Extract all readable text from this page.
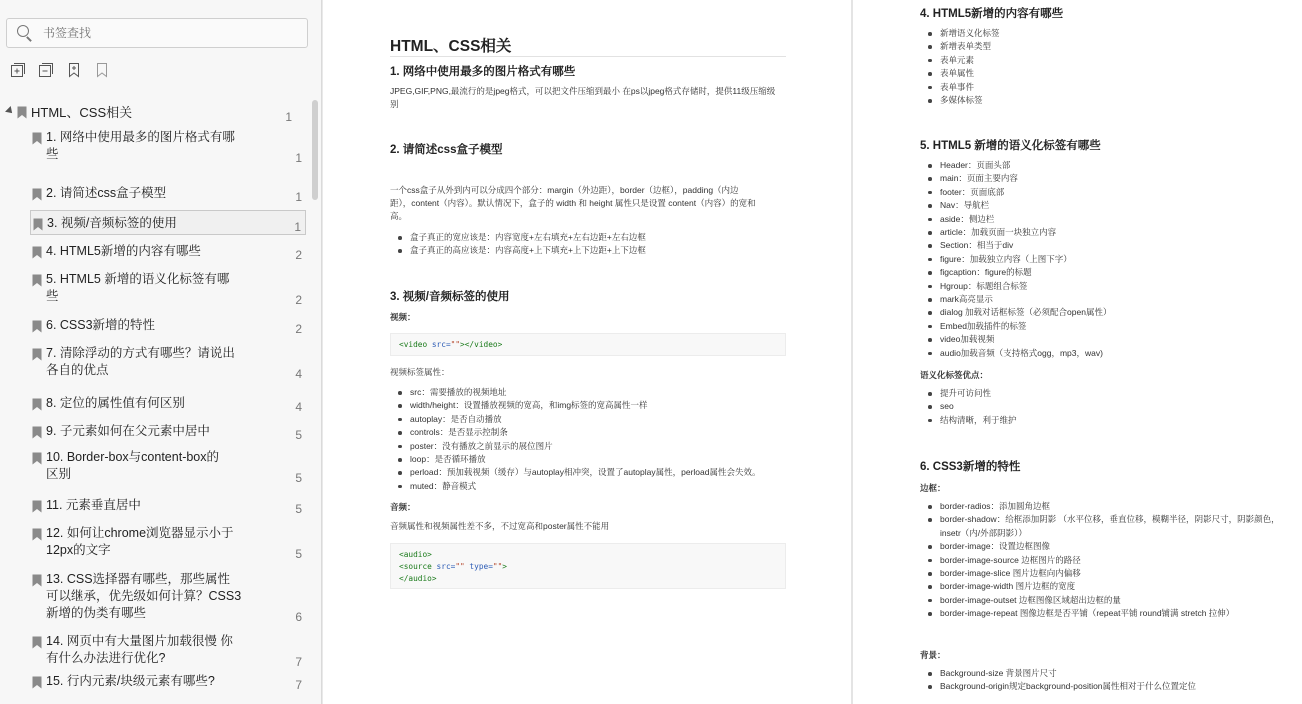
书签查找
HTML、CSS相关	1
1. 网络中使用最多的图片格式有哪
些	1
2. 请简述css盒子模型	1
3. 视频/音频标签的使用	1
4. HTML5新增的内容有哪些	2
5. HTML5 新增的语义化标签有哪
些	2
6. CSS3新增的特性	2
7. 清除浮动的方式有哪些？请说出
各自的优点	4
8. 定位的属性值有何区别	4
9. 子元素如何在父元素中居中	5
10. Border-box与content-box的
区别	5
11. 元素垂直居中	5
12. 如何让chrome浏览器显示小于
12px的文字	5
13. CSS选择器有哪些，那些属性
可以继承，优先级如何计算？CSS3
新增的伪类有哪些	6
14. 网页中有大量图片加载很慢 你
有什么办法进行优化?	7
15. 行内元素/块级元素有哪些?	7
HTML、CSS相关
1. 网络中使用最多的图片格式有哪些
JPEG,GIF,PNG,最流行的是jpeg格式，可以把文件压缩到最小 在ps以jpeg格式存储时，提供11级压缩级
别
2. 请简述css盒子模型
一个css盒子从外到内可以分成四个部分：margin（外边距），border（边框），padding（内边
距），content（内容）。默认情况下，盒子的 width 和 height 属性只是设置 content（内容）的宽和
高。
盒子真正的宽应该是：内容宽度+左右填充+左右边距+左右边框
盒子真正的高应该是：内容高度+上下填充+上下边距+上下边框
3. 视频/音频标签的使用
视频：
<video src=""></video>
视频标签属性：
src：需要播放的视频地址
width/height：设置播放视频的宽高，和img标签的宽高属性一样
autoplay：是否自动播放
controls：是否显示控制条
poster：没有播放之前显示的展位图片
loop：是否循环播放
perload：预加载视频（缓存）与autoplay相冲突，设置了autoplay属性，perload属性会失效。
muted：静音模式
音频：
音频属性和视频属性差不多，不过宽高和poster属性不能用
<audio>
<source src="" type="">
</audio>
4. HTML5新增的内容有哪些
新增语义化标签
新增表单类型
表单元素
表单属性
表单事件
多媒体标签
5. HTML5 新增的语义化标签有哪些
Header：页面头部
main：页面主要内容
footer：页面底部
Nav：导航栏
aside：侧边栏
article：加载页面一块独立内容
Section：相当于div
figure：加载独立内容（上图下字）
figcaption：figure的标题
Hgroup：标题组合标签
mark高亮显示
dialog 加载对话框标签（必须配合open属性）
Embed加载插件的标签
video加载视频
audio加载音频（支持格式ogg，mp3，wav)
语义化标签优点：
提升可访问性
seo
结构清晰，利于维护
6. CSS3新增的特性
边框：
border-radios：添加圆角边框
border-shadow：给框添加阴影 （水平位移，垂直位移，模糊半径，阴影尺寸，阴影颜色，
insetr（内/外部阴影））
border-image：设置边框图像
border-image-source 边框图片的路径
border-image-slice 图片边框向内偏移
border-image-width 图片边框的宽度
border-image-outset 边框图像区域超出边框的量
border-image-repeat 图像边框是否平铺（repeat平铺 round铺满 stretch 拉伸）
背景：
Background-size 背景图片尺寸
Background-origin规定background-position属性相对于什么位置定位
